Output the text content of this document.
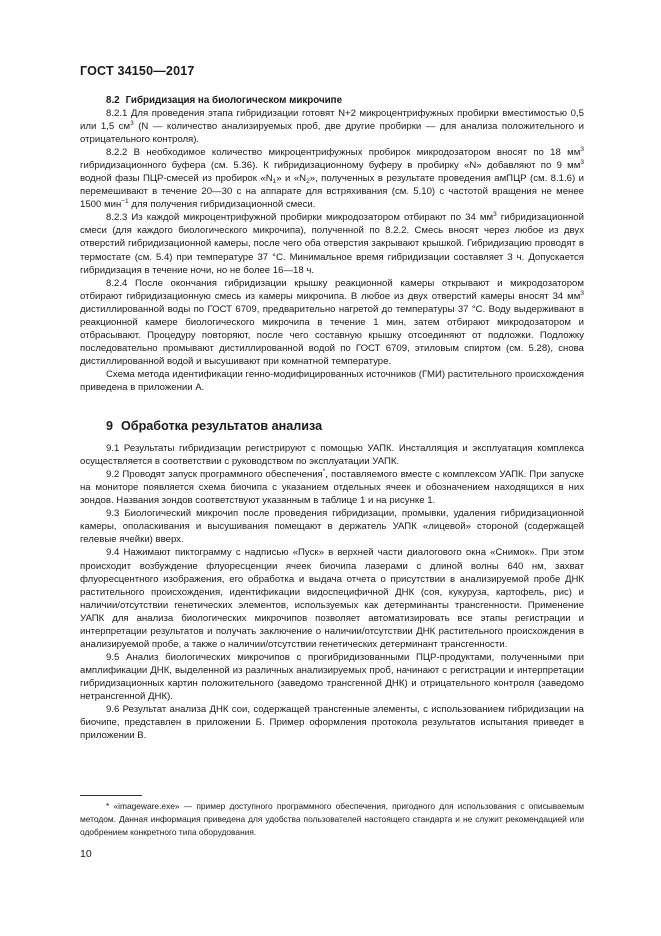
ГОСТ 34150—2017

8.2 Гибридизация на биологическом микрочипе

8.2.1 Для проведения этапа гибридизации готовят N+2 микроцентрифужных пробирки вместимостью 0,5 или 1,5 $см^3$ (N — количество анализируемых проб, две другие пробирки — для анализа положительного и отрицательного контроля).

8.2.2 В необходимое количество микроцентрифужных пробирок микродозатором вносят по 18 $мм^3$ гибридизационного буфера (см. 5.36). К гибридизационному буферу в пробирку «N» добавляют по 9 $мм^3$ водной фазы ПЦР-смесей из пробирок «$N_1$» и «$N_2$», полученных в результате проведения амПЦР (см. 8.1.6) и перемешивают в течение 20—30 с на аппарате для встряхивания (см. 5.10) с частотой вращения не менее 1500 мин$^{-1}$ для получения гибридизационной смеси.

8.2.3 Из каждой микроцентрифужной пробирки микродозатором отбирают по 34 $мм^3$ гибридизационной смеси (для каждого биологического микрочипа), полученной по 8.2.2. Смесь вносят через любое из двух отверстий гибридизационной камеры, после чего оба отверстия закрывают крышкой. Гибридизацию проводят в термостате (см. 5.4) при температуре 37 °С. Минимальное время гибридизации составляет 3 ч. Допускается гибридизация в течение ночи, но не более 16—18 ч.

8.2.4 После окончания гибридизации крышку реакционной камеры открывают и микродозатором отбирают гибридизационную смесь из камеры микрочипа. В любое из двух отверстий камеры вносят 34 $мм^3$ дистиллированной воды по ГОСТ 6709, предварительно нагретой до температуры 37 °С. Воду выдерживают в реакционной камере биологического микрочипа в течение 1 мин, затем отбирают микродозатором и отбрасывают. Процедуру повторяют, после чего составную крышку отсоединяют от подложки. Подложку последовательно промывают дистиллированной водой по ГОСТ 6709, этиловым спиртом (см. 5.28), снова дистиллированной водой и высушивают при комнатной температуре.

Схема метода идентификации генно-модифицированных источников (ГМИ) растительного происхождения приведена в приложении А.

9 Обработка результатов анализа

9.1 Результаты гибридизации регистрируют с помощью УАПК. Инсталляция и эксплуатация комплекса осуществляется в соответствии с руководством по эксплуатации УАПК.

9.2 Проводят запуск программного обеспечения*, поставляемого вместе с комплексом УАПК. При запуске на мониторе появляется схема биочипа с указанием отдельных ячеек и обозначением находящихся в них зондов. Названия зондов соответствуют указанным в таблице 1 и на рисунке 1.

9.3 Биологический микрочип после проведения гибридизации, промывки, удаления гибридизационной камеры, ополаскивания и высушивания помещают в держатель УАПК «лицевой» стороной (содержащей гелевые ячейки) вверх.

9.4 Нажимают пиктограмму с надписью «Пуск» в верхней части диалогового окна «Снимок». При этом происходит возбуждение флуоресценции ячеек биочипа лазерами с длиной волны 640 нм, захват флуоресцентного изображения, его обработка и выдача отчета о присутствии в анализируемой пробе ДНК растительного происхождения, идентификации видоспецифичной ДНК (соя, кукуруза, картофель, рис) и наличии/отсутствии генетических элементов, используемых как детерминанты трансгенности. Применение УАПК для анализа биологических микрочипов позволяет автоматизировать все этапы регистрации и интерпретации результатов и получать заключение о наличии/отсутствии ДНК растительного происхождения в анализируемой пробе, а также о наличии/отсутствии генетических детерминант трансгенности.

9.5 Анализ биологических микрочипов с прогибридизованными ПЦР-продуктами, полученными при амплификации ДНК, выделенной из различных анализируемых проб, начинают с регистрации и интерпретации гибридизационных картин положительного (заведомо трансгенной ДНК) и отрицательного контроля (заведомо нетрансгенной ДНК).

9.6 Результат анализа ДНК сои, содержащей трансгенные элементы, с использованием гибридизации на биочипе, представлен в приложении Б. Пример оформления протокола результатов испытания приведет в приложении В.

* «imageware.exe» — пример доступного программного обеспечения, пригодного для использования с описываемым методом. Данная информация приведена для удобства пользователей настоящего стандарта и не служит рекомендацией или одобрением конкретного типа оборудования.

10
